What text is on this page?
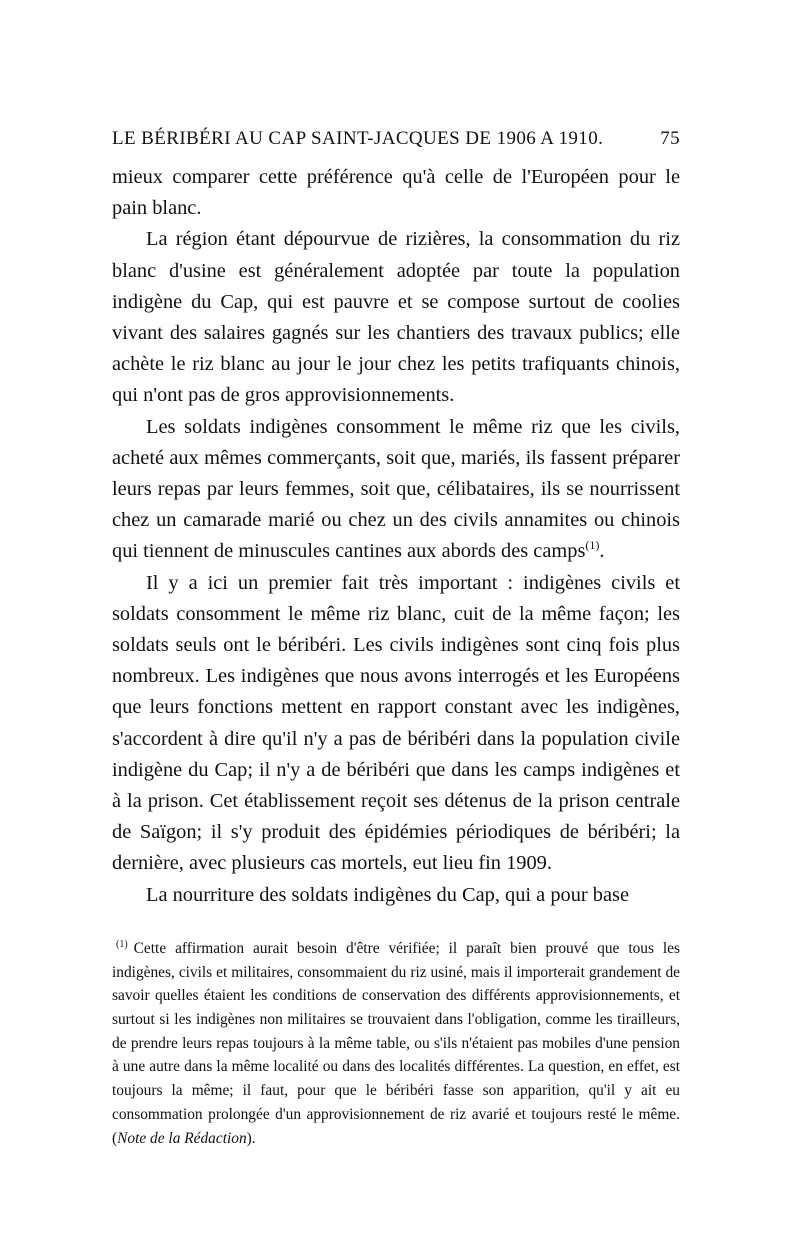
LE BÉRIBÉRI AU CAP SAINT-JACQUES DE 1906 A 1910.	75

mieux comparer cette préférence qu'à celle de l'Européen pour le pain blanc.

La région étant dépourvue de rizières, la consommation du riz blanc d'usine est généralement adoptée par toute la population indigène du Cap, qui est pauvre et se compose surtout de coolies vivant des salaires gagnés sur les chantiers des travaux publics; elle achète le riz blanc au jour le jour chez les petits trafiquants chinois, qui n'ont pas de gros approvisionnements.

Les soldats indigènes consomment le même riz que les civils, acheté aux mêmes commerçants, soit que, mariés, ils fassent préparer leurs repas par leurs femmes, soit que, célibataires, ils se nourrissent chez un camarade marié ou chez un des civils annamites ou chinois qui tiennent de minuscules cantines aux abords des camps$^{(1)}$.

Il y a ici un premier fait très important : indigènes civils et soldats consomment le même riz blanc, cuit de la même façon; les soldats seuls ont le béribéri. Les civils indigènes sont cinq fois plus nombreux. Les indigènes que nous avons interrogés et les Européens que leurs fonctions mettent en rapport constant avec les indigènes, s'accordent à dire qu'il n'y a pas de béribéri dans la population civile indigène du Cap; il n'y a de béribéri que dans les camps indigènes et à la prison. Cet établissement reçoit ses détenus de la prison centrale de Saïgon; il s'y produit des épidémies périodiques de béribéri; la dernière, avec plusieurs cas mortels, eut lieu fin 1909.

La nourriture des soldats indigènes du Cap, qui a pour base

$^{(1)}$ Cette affirmation aurait besoin d'être vérifiée; il paraît bien prouvé que tous les indigènes, civils et militaires, consommaient du riz usiné, mais il importerait grandement de savoir quelles étaient les conditions de conservation des différents approvisionnements, et surtout si les indigènes non militaires se trouvaient dans l'obligation, comme les tirailleurs, de prendre leurs repas toujours à la même table, ou s'ils n'étaient pas mobiles d'une pension à une autre dans la même localité ou dans des localités différentes. La question, en effet, est toujours la même; il faut, pour que le béribéri fasse son apparition, qu'il y ait eu consommation prolongée d'un approvisionnement de riz avarié et toujours resté le même. (Note de la Rédaction).
